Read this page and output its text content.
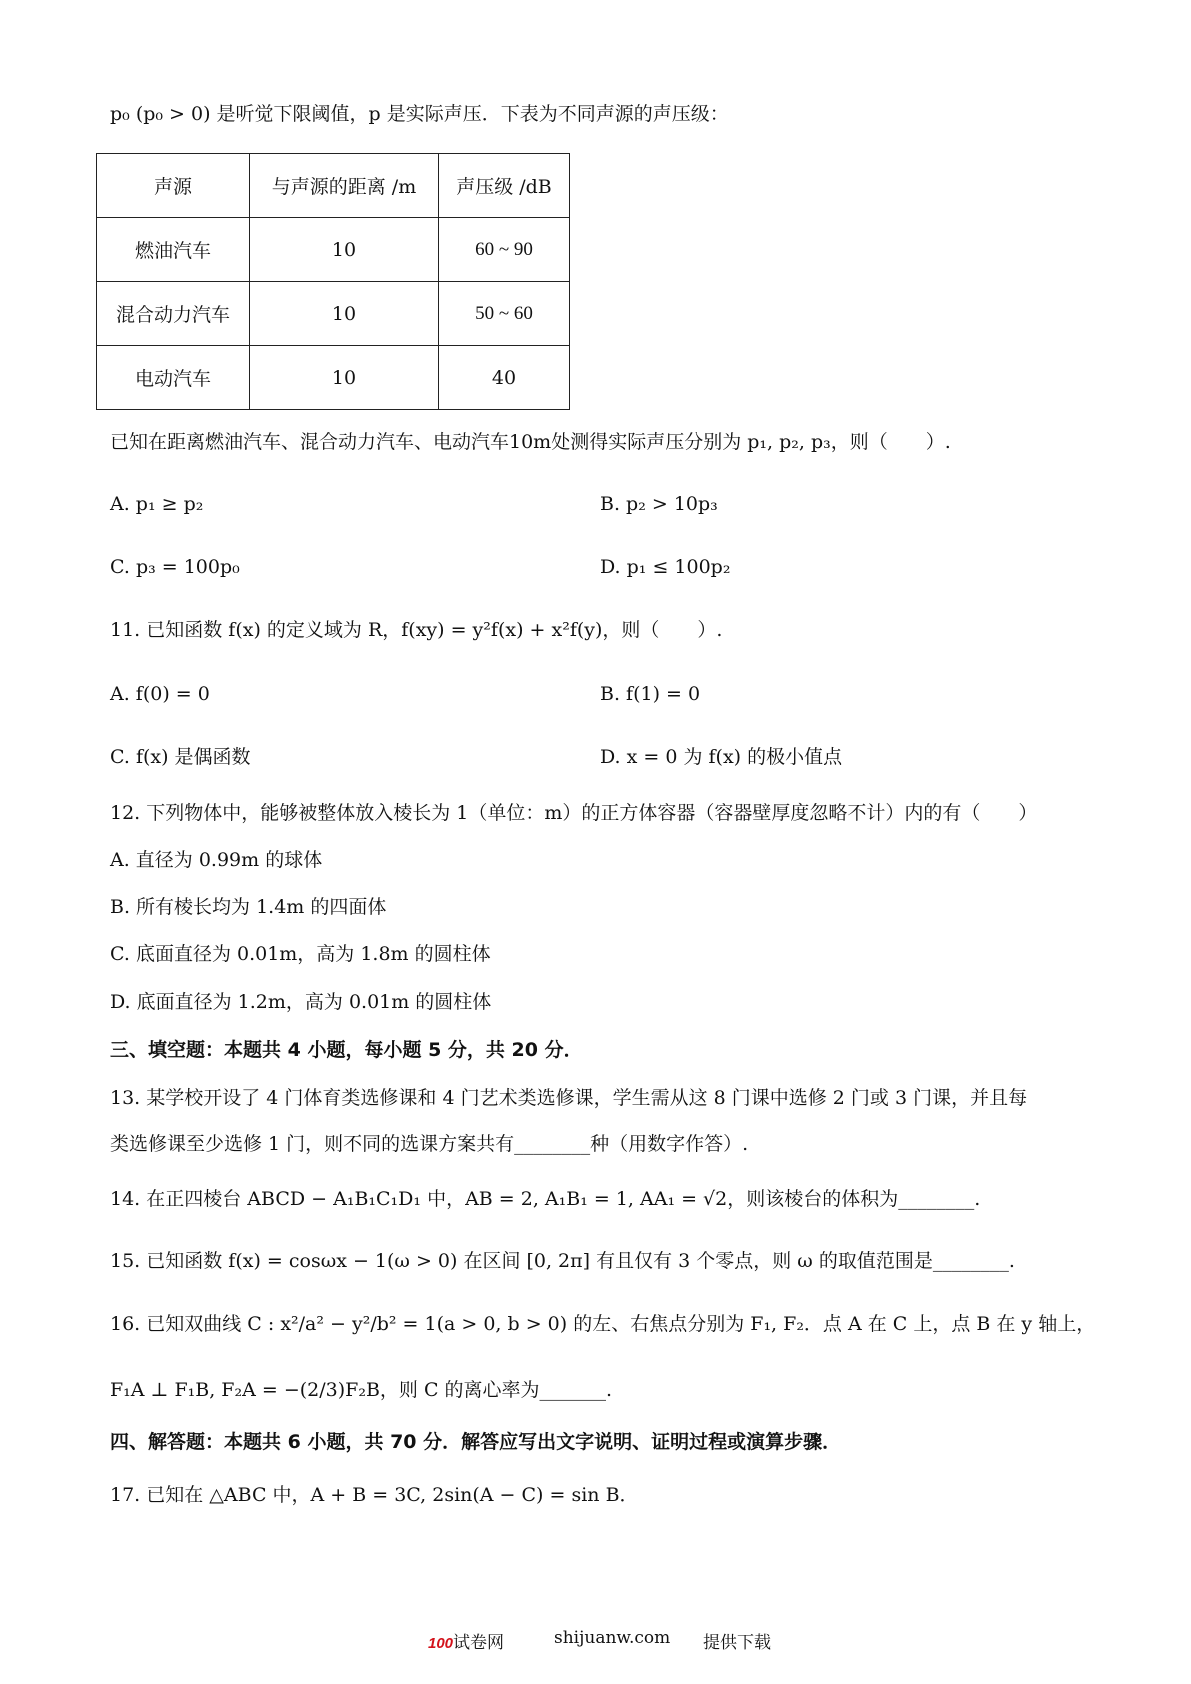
p₀ (p₀ > 0) 是听觉下限阈值，p 是实际声压．下表为不同声源的声压级：
声源	与声源的距离 /m	声压级 /dB
燃油汽车	10	60 ~ 90
混合动力汽车	10	50 ~ 60
电动汽车	10	40
已知在距离燃油汽车、混合动力汽车、电动汽车10m处测得实际声压分别为 p₁, p₂, p₃，则（　　）.
A. p₁ ≥ p₂	B. p₂ > 10p₃
C. p₃ = 100p₀	D. p₁ ≤ 100p₂
11. 已知函数 f(x) 的定义域为 R，f(xy) = y²f(x) + x²f(y)，则（　　）.
A. f(0) = 0	B. f(1) = 0
C. f(x) 是偶函数	D. x = 0 为 f(x) 的极小值点
12. 下列物体中，能够被整体放入棱长为 1（单位：m）的正方体容器（容器壁厚度忽略不计）内的有（　　）
A. 直径为 0.99m 的球体
B. 所有棱长均为 1.4m 的四面体
C. 底面直径为 0.01m，高为 1.8m 的圆柱体
D. 底面直径为 1.2m，高为 0.01m 的圆柱体
三、填空题：本题共 4 小题，每小题 5 分，共 20 分．
13. 某学校开设了 4 门体育类选修课和 4 门艺术类选修课，学生需从这 8 门课中选修 2 门或 3 门课，并且每
类选修课至少选修 1 门，则不同的选课方案共有________种（用数字作答）.
14. 在正四棱台 ABCD − A₁B₁C₁D₁ 中，AB = 2, A₁B₁ = 1, AA₁ = √2，则该棱台的体积为________.
15. 已知函数 f(x) = cosωx − 1(ω > 0) 在区间 [0, 2π] 有且仅有 3 个零点，则 ω 的取值范围是________.
16. 已知双曲线 C : x²/a² − y²/b² = 1(a > 0, b > 0) 的左、右焦点分别为 F₁, F₂．点 A 在 C 上，点 B 在 y 轴上，
F₁A ⊥ F₁B, F₂A = −(2/3)F₂B，则 C 的离心率为_______.
四、解答题：本题共 6 小题，共 70 分．解答应写出文字说明、证明过程或演算步骤．
17. 已知在 △ABC 中，A + B = 3C, 2sin(A − C) = sin B．
100试卷网	shijuanw.com 提供下载
